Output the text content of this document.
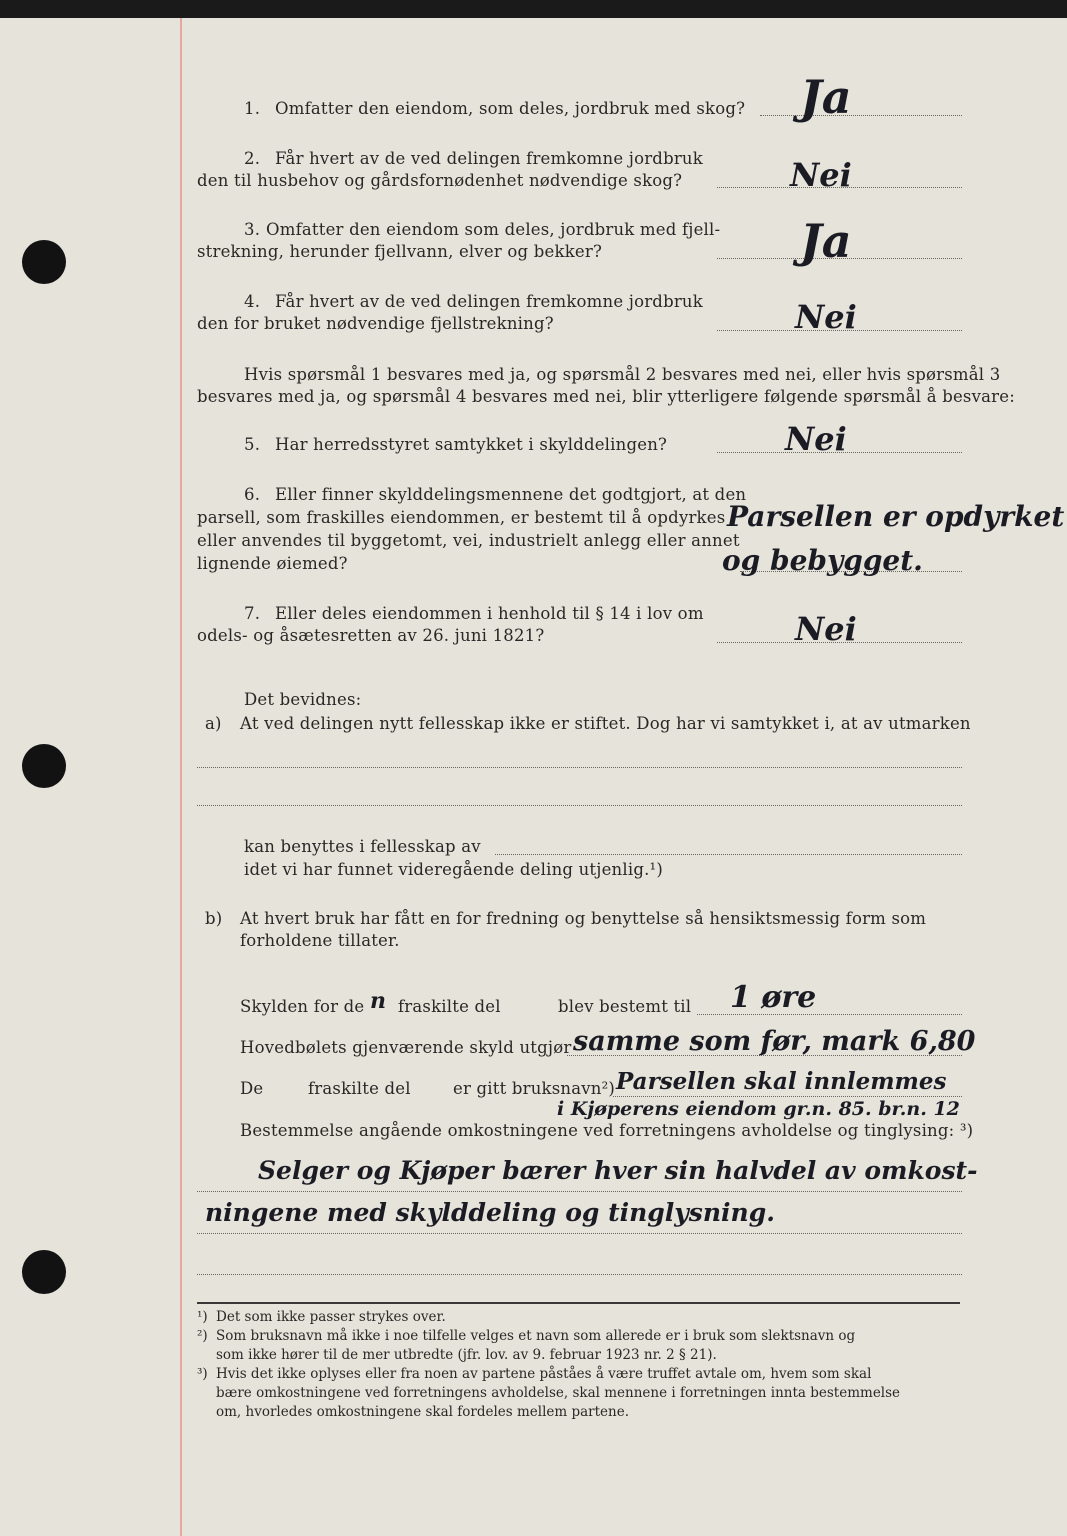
1. Omfatter den eiendom, som deles, jordbruk med skog? Ja
2. Får hvert av de ved delingen fremkomne jordbruk
den til husbehov og gårdsfornødenhet nødvendige skog?	Nei
3. Omfatter den eiendom som deles, jordbruk med fjell-
strekning, herunder fjellvann, elver og bekker?	Ja
4. Får hvert av de ved delingen fremkomne jordbruk
den for bruket nødvendige fjellstrekning?	Nei
Hvis spørsmål 1 besvares med ja, og spørsmål 2 besvares med nei, eller hvis spørsmål 3
besvares med ja, og spørsmål 4 besvares med nei, blir ytterligere følgende spørsmål å besvare:
5. Har herredsstyret samtykket i skylddelingen?	Nei
6. Eller finner skylddelingsmennene det godtgjort, at den
parsell, som fraskilles eiendommen, er bestemt til å opdyrkes
eller anvendes til byggetomt, vei, industrielt anlegg eller annet
lignende øiemed?
Parsellen er opdyrket
og bebygget.
7. Eller deles eiendommen i henhold til § 14 i lov om
odels- og åsætesretten av 26. juni 1821?	Nei
Det bevidnes:
a) At ved delingen nytt fellesskap ikke er stiftet. Dog har vi samtykket i, at av utmarken
kan benyttes i fellesskap av
idet vi har funnet videregående deling utjenlig.¹)
b) At hvert bruk har fått en for fredning og benyttelse så hensiktsmessig form som
forholdene tillater.
Skylden for de n fraskilte del	blev bestemt til 1 øre
Hovedbølets gjenværende skyld utgjør samme som før, mark 6,80
De	fraskilte del	er gitt bruksnavn²) Parsellen skal innlemmes
i Kjøperens eiendom gr.n. 85. br.n. 12
Bestemmelse angående omkostningene ved forretningens avholdelse og tinglysing: ³)
Selger og Kjøper bærer hver sin halvdel av omkost-
ningene med skylddeling og tinglysning.
¹) Det som ikke passer strykes over.
²) Som bruksnavn må ikke i noe tilfelle velges et navn som allerede er i bruk som slektsnavn og
som ikke hører til de mer utbredte (jfr. lov. av 9. februar 1923 nr. 2 § 21).
³) Hvis det ikke oplyses eller fra noen av partene påståes å være truffet avtale om, hvem som skal
bære omkostningene ved forretningens avholdelse, skal mennene i forretningen innta bestemmelse
om, hvorledes omkostningene skal fordeles mellem partene.
